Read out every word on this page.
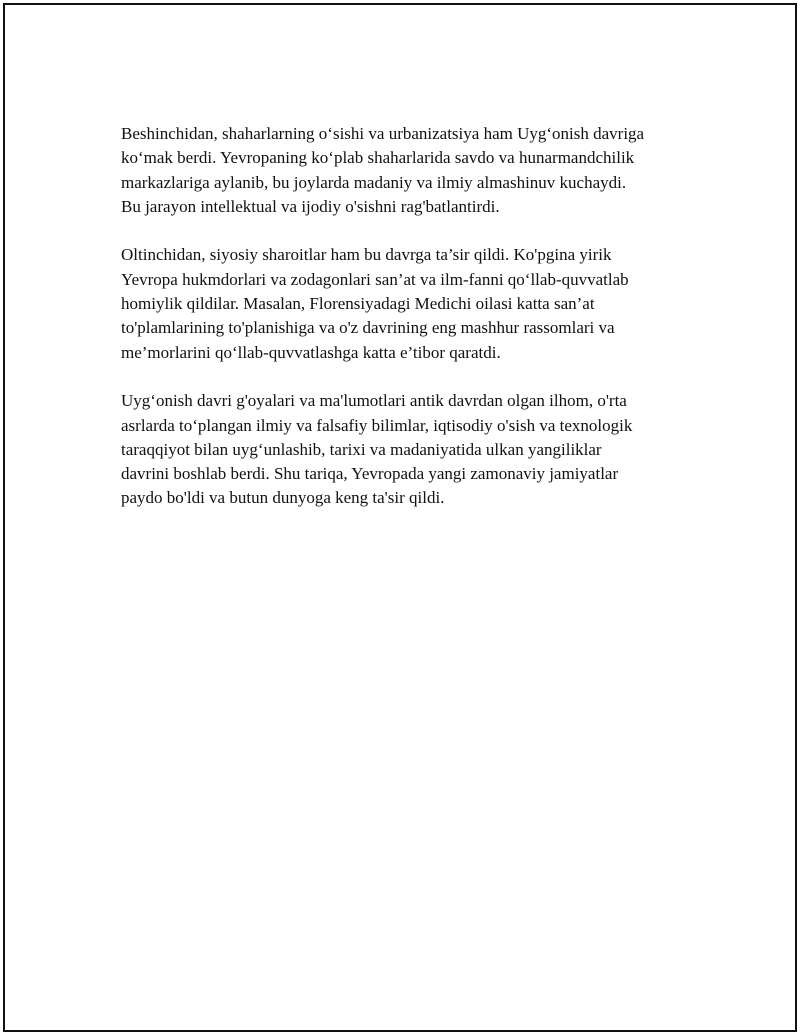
Beshinchidan, shaharlarning o‘sishi va urbanizatsiya ham Uyg‘onish davriga
ko‘mak berdi. Yevropaning ko‘plab shaharlarida savdo va hunarmandchilik
markazlariga aylanib, bu joylarda madaniy va ilmiy almashinuv kuchaydi.
Bu jarayon intellektual va ijodiy o'sishni rag'batlantirdi.

Oltinchidan, siyosiy sharoitlar ham bu davrga ta’sir qildi. Ko'pgina yirik
Yevropa hukmdorlari va zodagonlari san’at va ilm-fanni qo‘llab-quvvatlab
homiylik qildilar. Masalan, Florensiyadagi Medichi oilasi katta san’at
to'plamlarining to'planishiga va o'z davrining eng mashhur rassomlari va
me’morlarini qo‘llab-quvvatlashga katta e’tibor qaratdi.

Uyg‘onish davri g'oyalari va ma'lumotlari antik davrdan olgan ilhom, o'rta
asrlarda to‘plangan ilmiy va falsafiy bilimlar, iqtisodiy o'sish va texnologik
taraqqiyot bilan uyg‘unlashib, tarixi va madaniyatida ulkan yangiliklar
davrini boshlab berdi. Shu tariqa, Yevropada yangi zamonaviy jamiyatlar
paydo bo'ldi va butun dunyoga keng ta'sir qildi.
